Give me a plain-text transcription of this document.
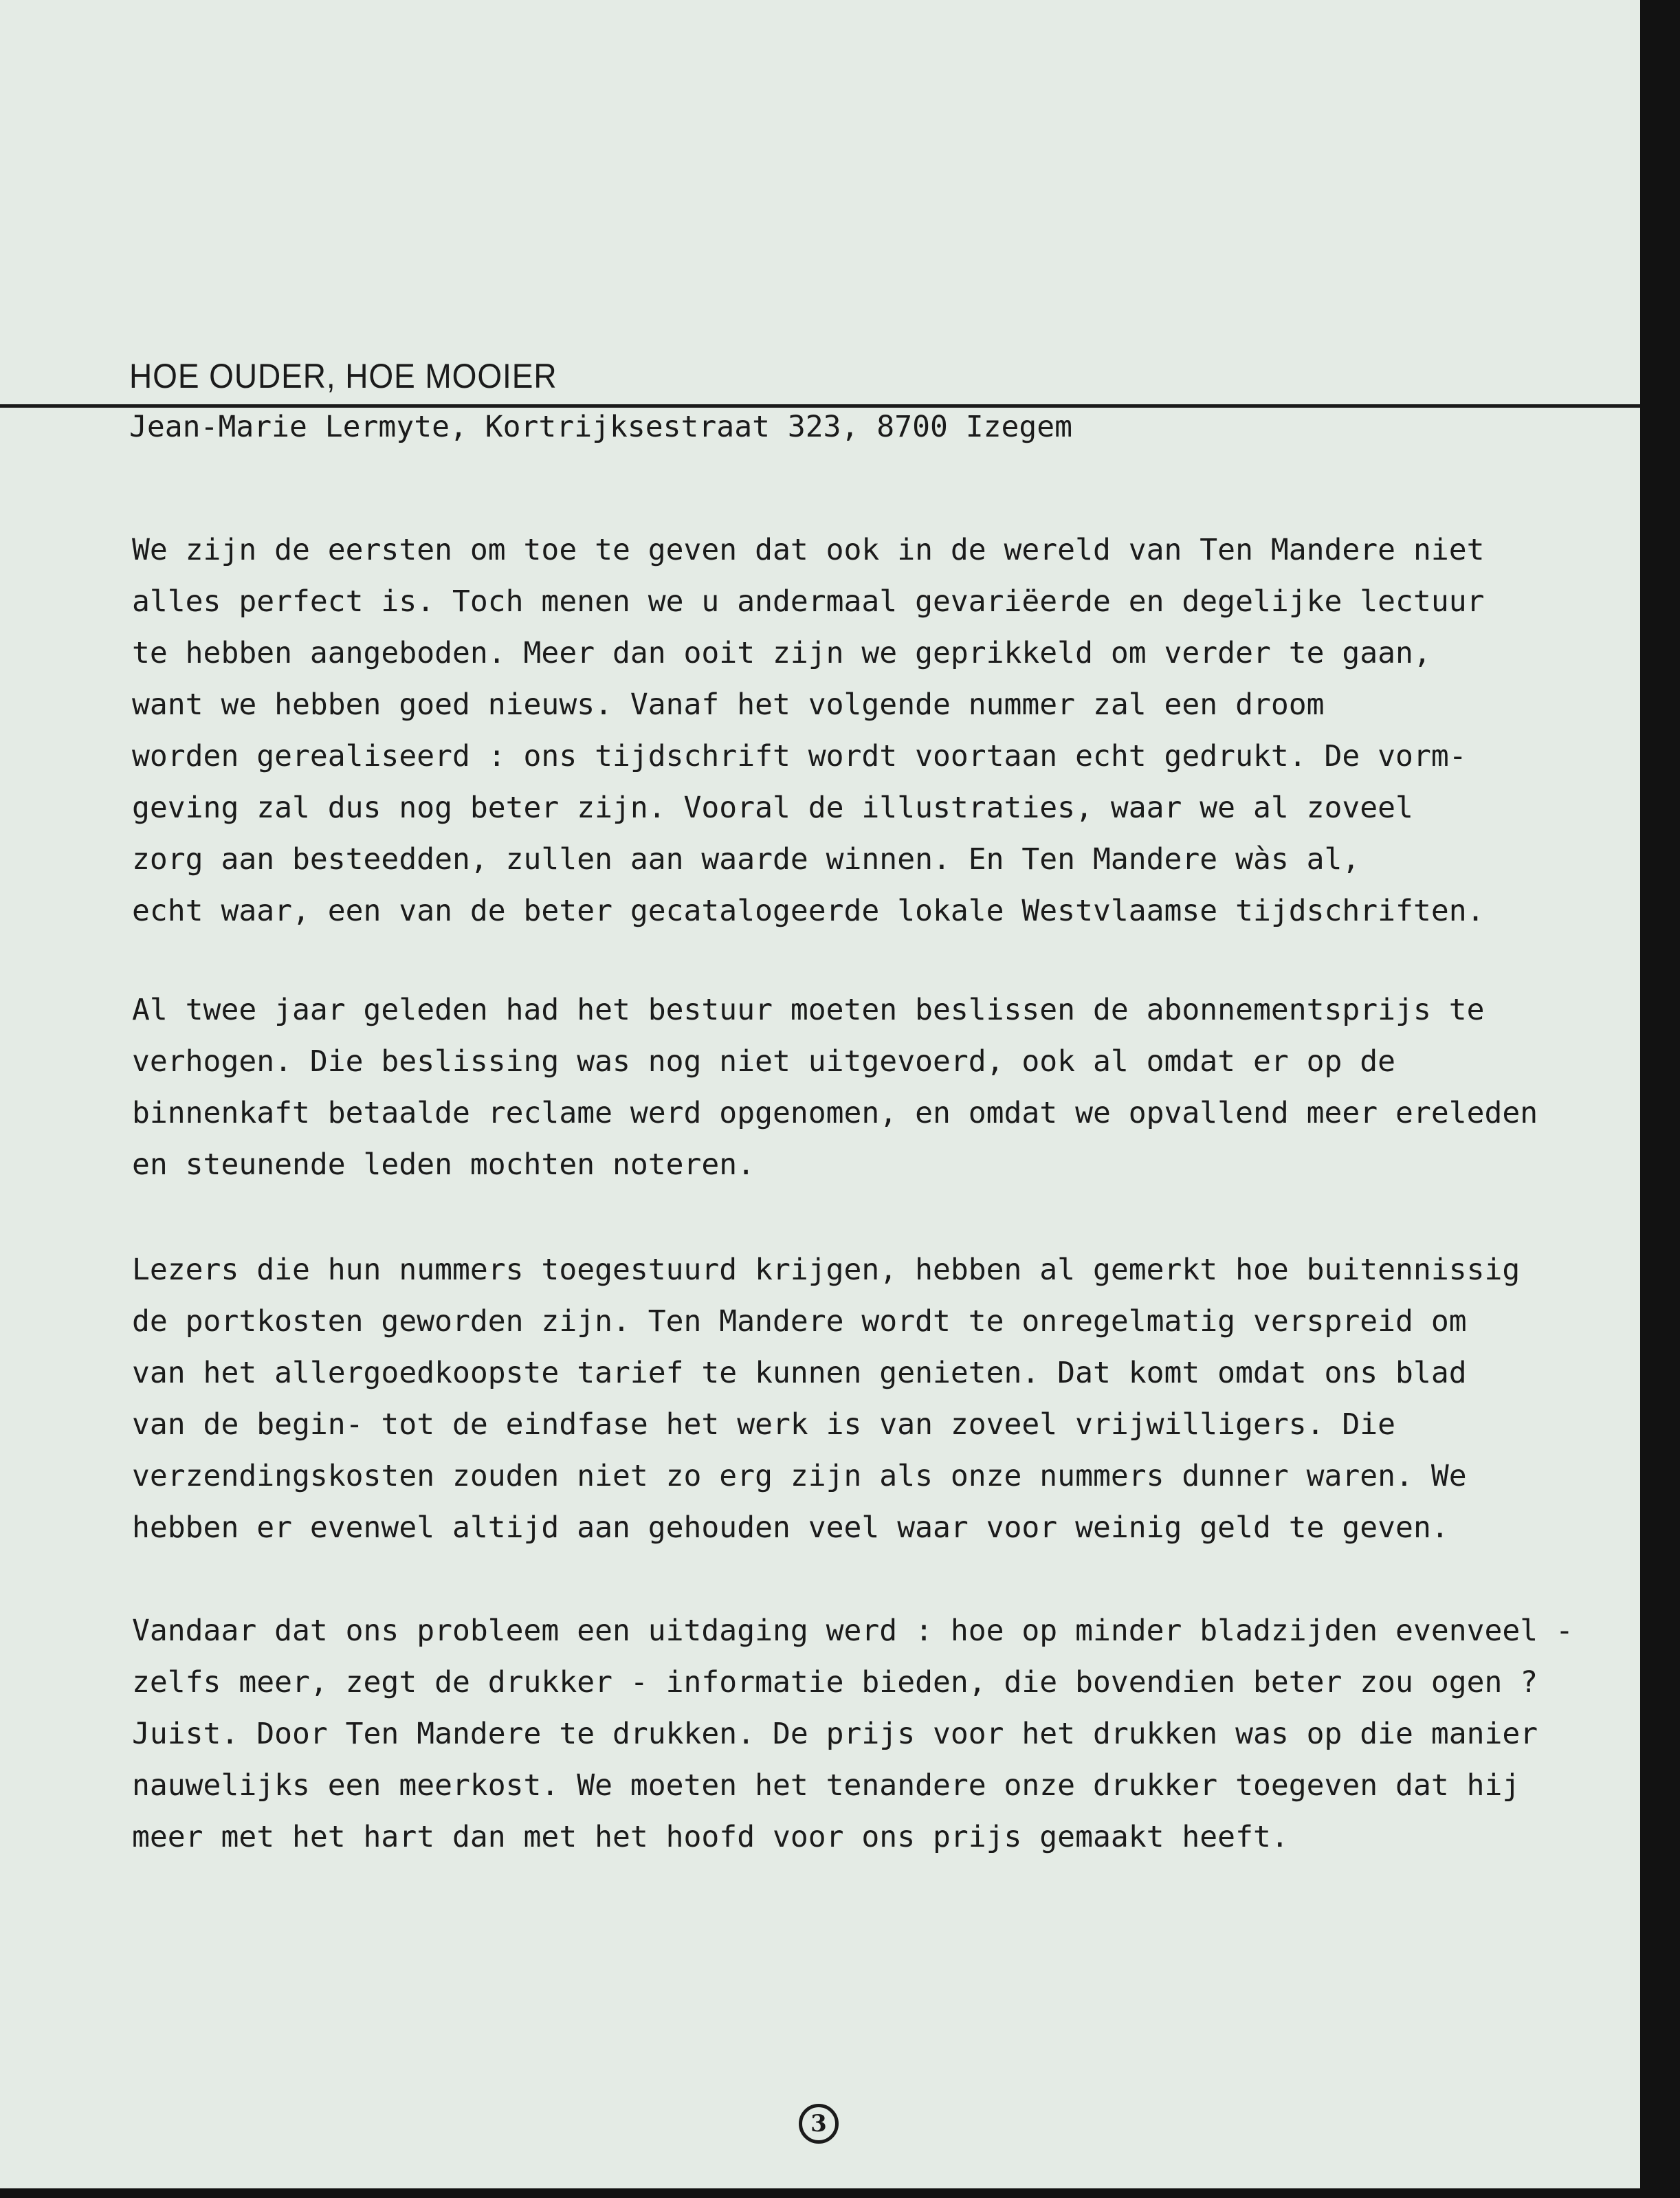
HOE OUDER, HOE MOOIER
Jean-Marie Lermyte, Kortrijksestraat 323, 8700 Izegem
We zijn de eersten om toe te geven dat ook in de wereld van Ten Mandere niet
alles perfect is. Toch menen we u andermaal gevariëerde en degelijke lectuur
te hebben aangeboden. Meer dan ooit zijn we geprikkeld om verder te gaan,
want we hebben goed nieuws. Vanaf het volgende nummer zal een droom
worden gerealiseerd : ons tijdschrift wordt voortaan echt gedrukt. De vorm-
geving zal dus nog beter zijn. Vooral de illustraties, waar we al zoveel
zorg aan besteedden, zullen aan waarde winnen. En Ten Mandere wàs al,
echt waar, een van de beter gecatalogeerde lokale Westvlaamse tijdschriften.
Al twee jaar geleden had het bestuur moeten beslissen de abonnementsprijs te
verhogen. Die beslissing was nog niet uitgevoerd, ook al omdat er op de
binnenkaft betaalde reclame werd opgenomen, en omdat we opvallend meer ereleden
en steunende leden mochten noteren.
Lezers die hun nummers toegestuurd krijgen, hebben al gemerkt hoe buitennissig
de portkosten geworden zijn. Ten Mandere wordt te onregelmatig verspreid om
van het allergoedkoopste tarief te kunnen genieten. Dat komt omdat ons blad
van de begin- tot de eindfase het werk is van zoveel vrijwilligers. Die
verzendingskosten zouden niet zo erg zijn als onze nummers dunner waren. We
hebben er evenwel altijd aan gehouden veel waar voor weinig geld te geven.
Vandaar dat ons probleem een uitdaging werd : hoe op minder bladzijden evenveel -
zelfs meer, zegt de drukker - informatie bieden, die bovendien beter zou ogen ?
Juist. Door Ten Mandere te drukken. De prijs voor het drukken was op die manier
nauwelijks een meerkost. We moeten het tenandere onze drukker toegeven dat hij
meer met het hart dan met het hoofd voor ons prijs gemaakt heeft.
3
